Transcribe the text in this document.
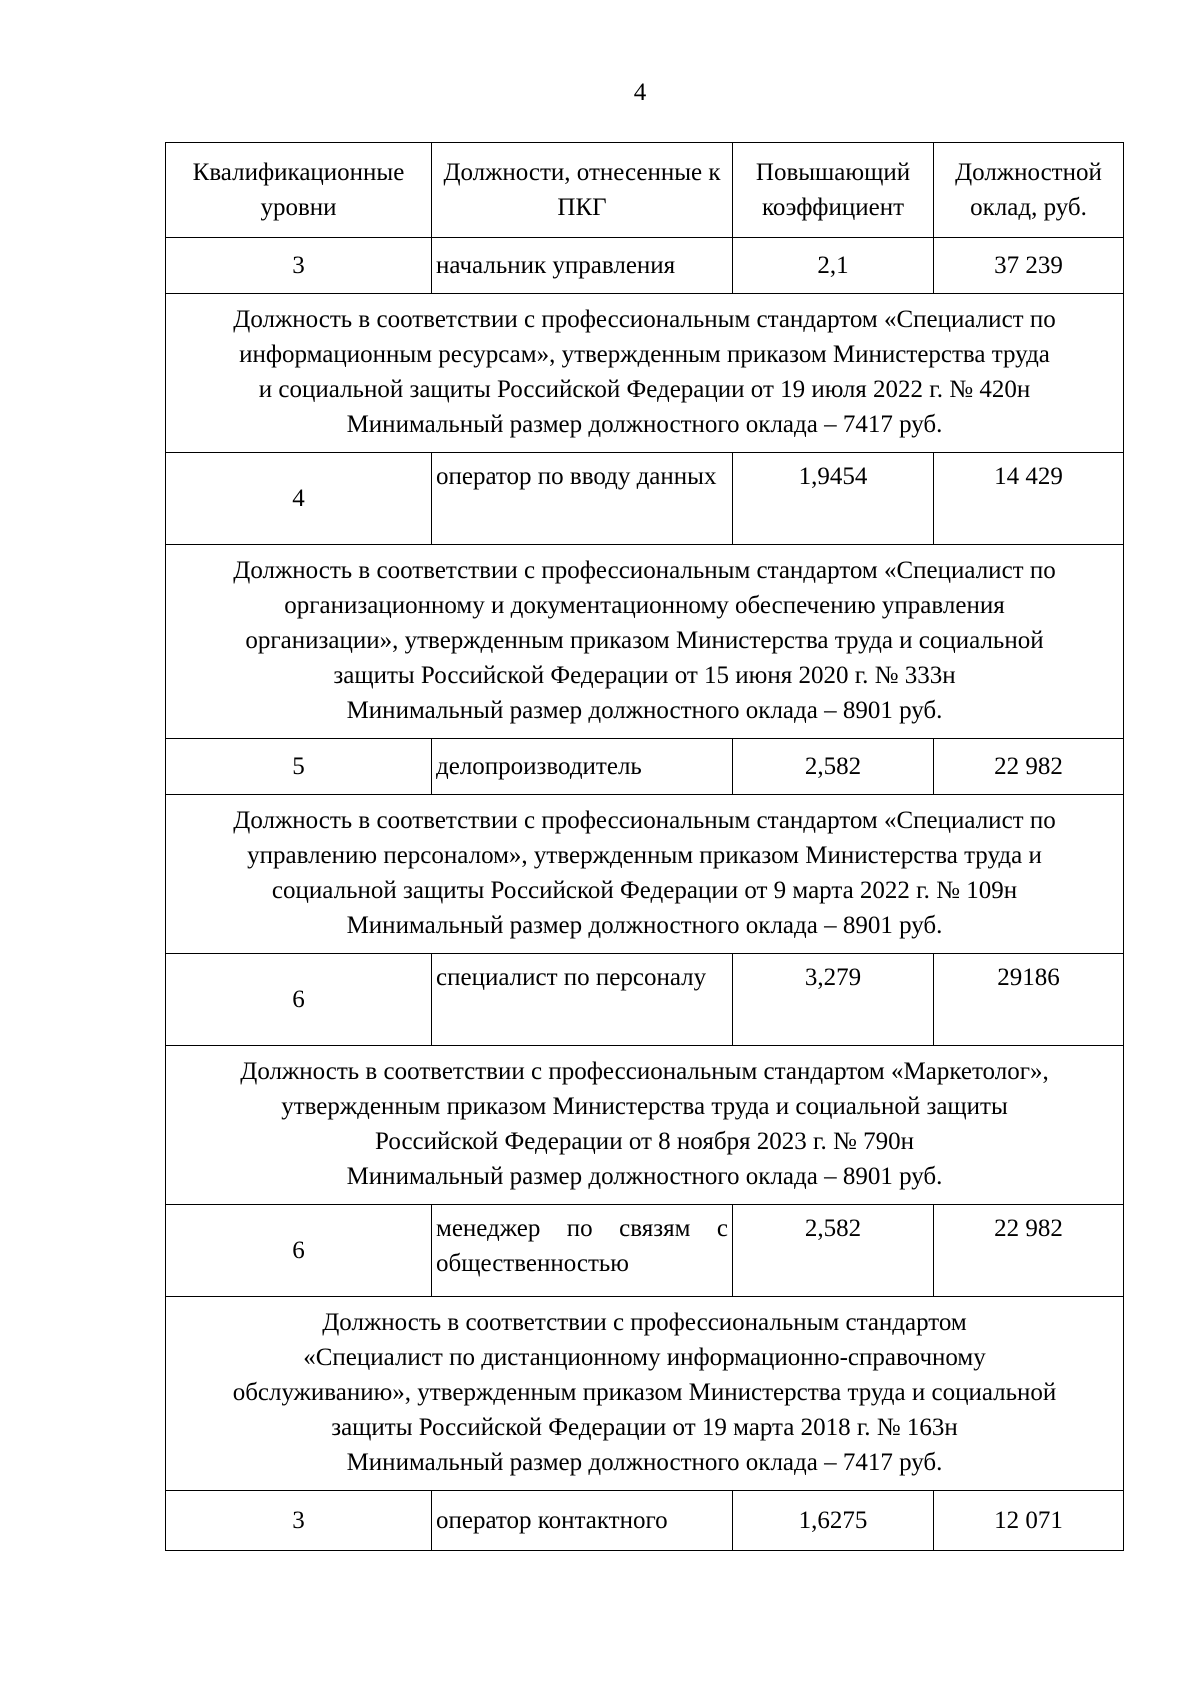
4
Квалификационные уровни	Должности, отнесенные к ПКГ	Повышающий коэффициент	Должностной оклад, руб.
3	начальник управления	2,1	37 239

Должность в соответствии с профессиональным стандартом «Специалист по
информационным ресурсам», утвержденным приказом Министерства труда
и социальной защиты Российской Федерации от 19 июля 2022 г. № 420н
Минимальный размер должностного оклада – 7417 руб.			

4	оператор по вводу данных	1,9454	14 429

Должность в соответствии с профессиональным стандартом «Специалист по
организационному и документационному обеспечению управления
организации», утвержденным приказом Министерства труда и социальной
защиты Российской Федерации от 15 июня 2020 г. № 333н
Минимальный размер должностного оклада – 8901 руб.			

5	делопроизводитель	2,582	22 982

Должность в соответствии с профессиональным стандартом «Специалист по
управлению персоналом», утвержденным приказом Министерства труда и
социальной защиты Российской Федерации от 9 марта 2022 г. № 109н
Минимальный размер должностного оклада – 8901 руб.			

6	специалист по персоналу	3,279	29186

Должность в соответствии с профессиональным стандартом «Маркетолог»,
утвержденным приказом Министерства труда и социальной защиты
Российской Федерации от 8 ноября 2023 г. № 790н
Минимальный размер должностного оклада – 8901 руб.			

6	менеджер по связям с общественностью	2,582	22 982

Должность в соответствии с профессиональным стандартом
«Специалист по дистанционному информационно-справочному
обслуживанию», утвержденным приказом Министерства труда и социальной
защиты Российской Федерации от 19 марта 2018 г. № 163н
Минимальный размер должностного оклада – 7417 руб.			

3	оператор контактного	1,6275	12 071
